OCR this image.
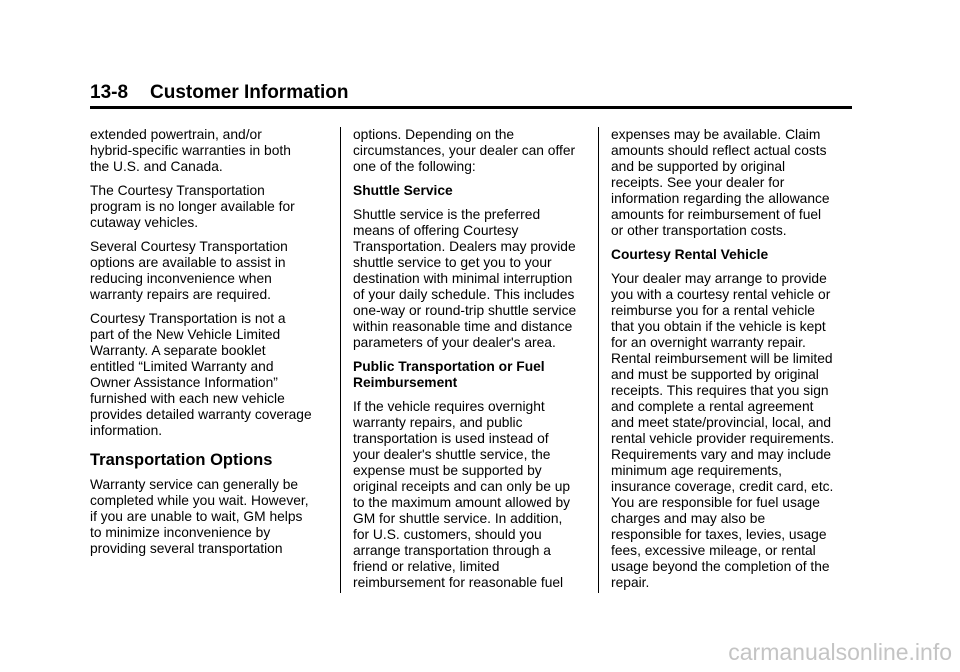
13-8 Customer Information

extended powertrain, and/or
hybrid-specific warranties in both
the U.S. and Canada.

The Courtesy Transportation
program is no longer available for
cutaway vehicles.

Several Courtesy Transportation
options are available to assist in
reducing inconvenience when
warranty repairs are required.

Courtesy Transportation is not a
part of the New Vehicle Limited
Warranty. A separate booklet
entitled “Limited Warranty and
Owner Assistance Information”
furnished with each new vehicle
provides detailed warranty coverage
information.

Transportation Options

Warranty service can generally be
completed while you wait. However,
if you are unable to wait, GM helps
to minimize inconvenience by
providing several transportation

options. Depending on the
circumstances, your dealer can offer
one of the following:

Shuttle Service

Shuttle service is the preferred
means of offering Courtesy
Transportation. Dealers may provide
shuttle service to get you to your
destination with minimal interruption
of your daily schedule. This includes
one-way or round-trip shuttle service
within reasonable time and distance
parameters of your dealer's area.

Public Transportation or Fuel
Reimbursement

If the vehicle requires overnight
warranty repairs, and public
transportation is used instead of
your dealer's shuttle service, the
expense must be supported by
original receipts and can only be up
to the maximum amount allowed by
GM for shuttle service. In addition,
for U.S. customers, should you
arrange transportation through a
friend or relative, limited
reimbursement for reasonable fuel

expenses may be available. Claim
amounts should reflect actual costs
and be supported by original
receipts. See your dealer for
information regarding the allowance
amounts for reimbursement of fuel
or other transportation costs.

Courtesy Rental Vehicle

Your dealer may arrange to provide
you with a courtesy rental vehicle or
reimburse you for a rental vehicle
that you obtain if the vehicle is kept
for an overnight warranty repair.
Rental reimbursement will be limited
and must be supported by original
receipts. This requires that you sign
and complete a rental agreement
and meet state/provincial, local, and
rental vehicle provider requirements.
Requirements vary and may include
minimum age requirements,
insurance coverage, credit card, etc.
You are responsible for fuel usage
charges and may also be
responsible for taxes, levies, usage
fees, excessive mileage, or rental
usage beyond the completion of the
repair.

carmanualsonline.info
